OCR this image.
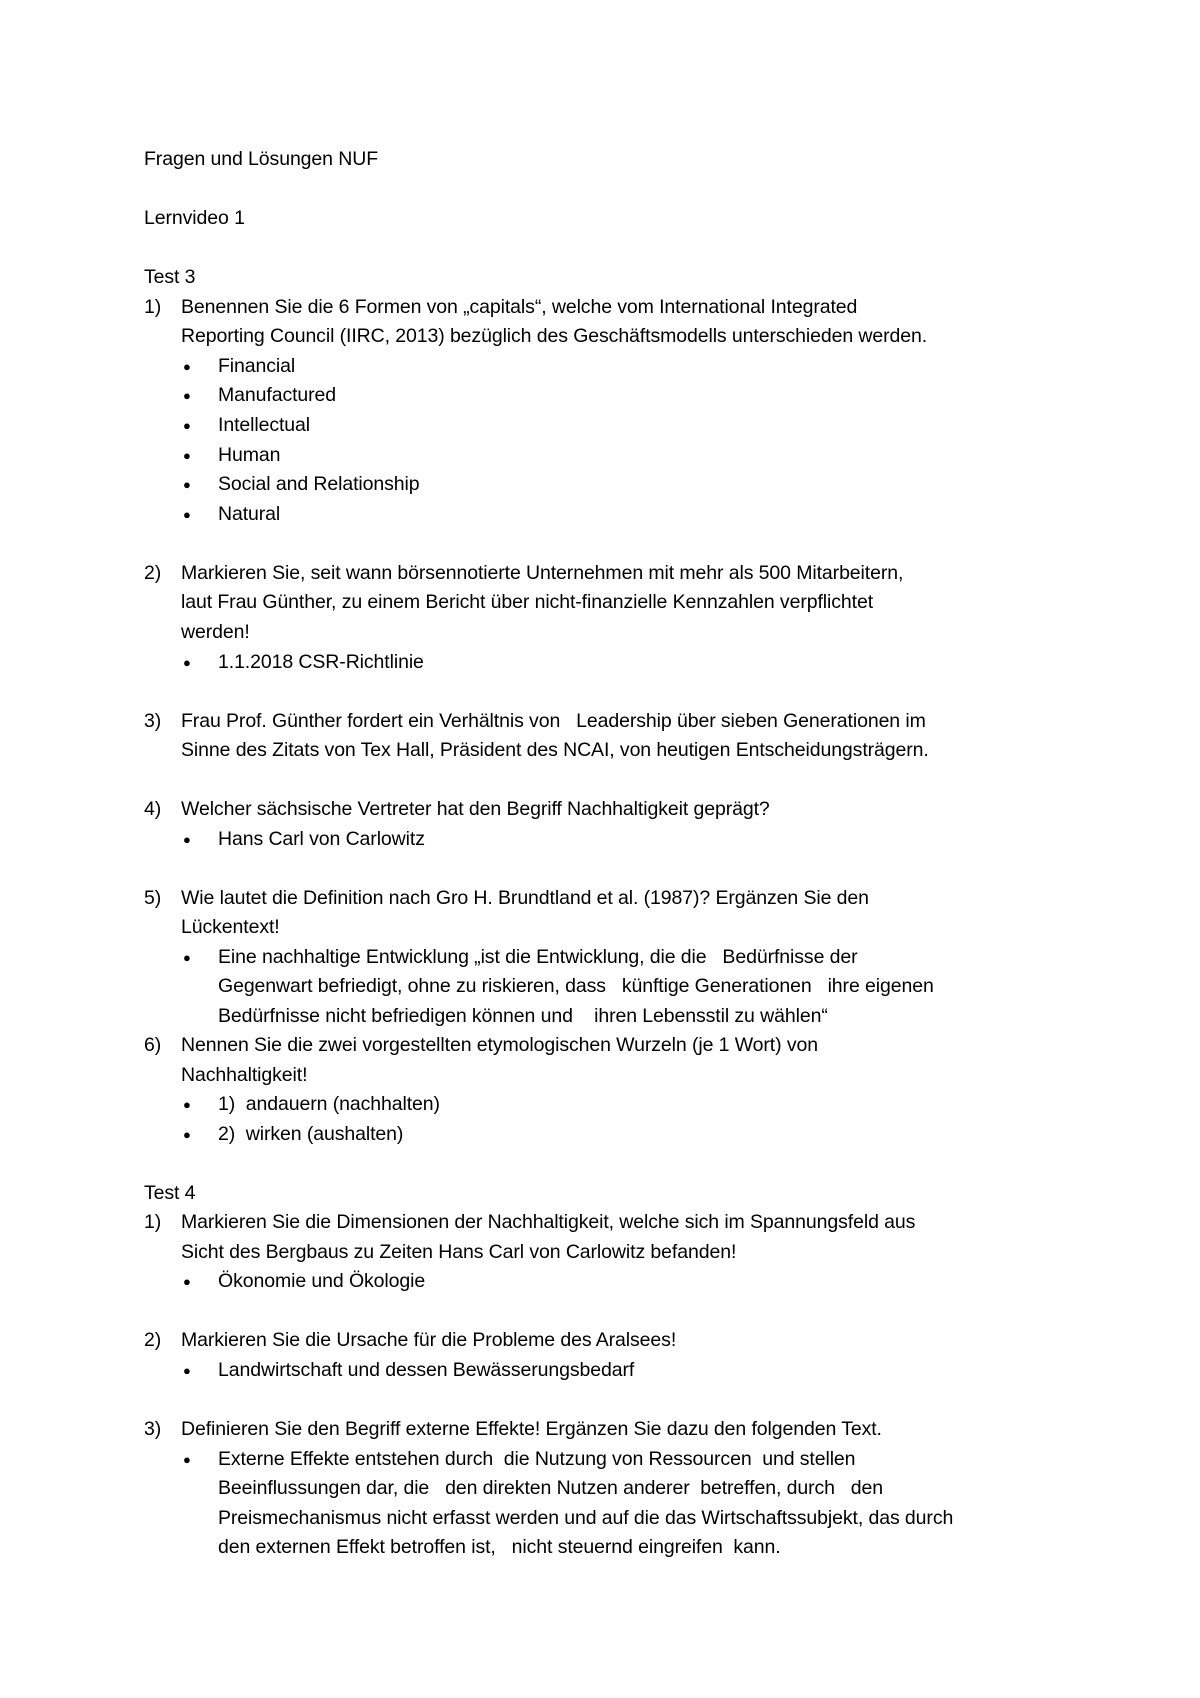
Fragen und Lösungen NUF
Lernvideo 1
Test 3
1) Benennen Sie die 6 Formen von „capitals“, welche vom International Integrated
Reporting Council (IIRC, 2013) bezüglich des Geschäftsmodells unterschieden werden.
● Financial
● Manufactured
● Intellectual
● Human
● Social and Relationship
● Natural
2) Markieren Sie, seit wann börsennotierte Unternehmen mit mehr als 500 Mitarbeitern,
laut Frau Günther, zu einem Bericht über nicht-finanzielle Kennzahlen verpflichtet
werden!
● 1.1.2018 CSR-Richtlinie
3) Frau Prof. Günther fordert ein Verhältnis von   Leadership über sieben Generationen im
Sinne des Zitats von Tex Hall, Präsident des NCAI, von heutigen Entscheidungsträgern.
4) Welcher sächsische Vertreter hat den Begriff Nachhaltigkeit geprägt?
● Hans Carl von Carlowitz
5) Wie lautet die Definition nach Gro H. Brundtland et al. (1987)? Ergänzen Sie den
Lückentext!
● Eine nachhaltige Entwicklung „ist die Entwicklung, die die   Bedürfnisse der
Gegenwart befriedigt, ohne zu riskieren, dass   künftige Generationen   ihre eigenen
Bedürfnisse nicht befriedigen können und    ihren Lebensstil zu wählen“
6) Nennen Sie die zwei vorgestellten etymologischen Wurzeln (je 1 Wort) von
Nachhaltigkeit!
● 1)  andauern (nachhalten)
● 2)  wirken (aushalten)
Test 4
1) Markieren Sie die Dimensionen der Nachhaltigkeit, welche sich im Spannungsfeld aus
Sicht des Bergbaus zu Zeiten Hans Carl von Carlowitz befanden!
● Ökonomie und Ökologie
2) Markieren Sie die Ursache für die Probleme des Aralsees!
● Landwirtschaft und dessen Bewässerungsbedarf
3) Definieren Sie den Begriff externe Effekte! Ergänzen Sie dazu den folgenden Text.
● Externe Effekte entstehen durch  die Nutzung von Ressourcen  und stellen
Beeinflussungen dar, die   den direkten Nutzen anderer  betreffen, durch   den
Preismechanismus nicht erfasst werden und auf die das Wirtschaftssubjekt, das durch
den externen Effekt betroffen ist,   nicht steuernd eingreifen  kann.
